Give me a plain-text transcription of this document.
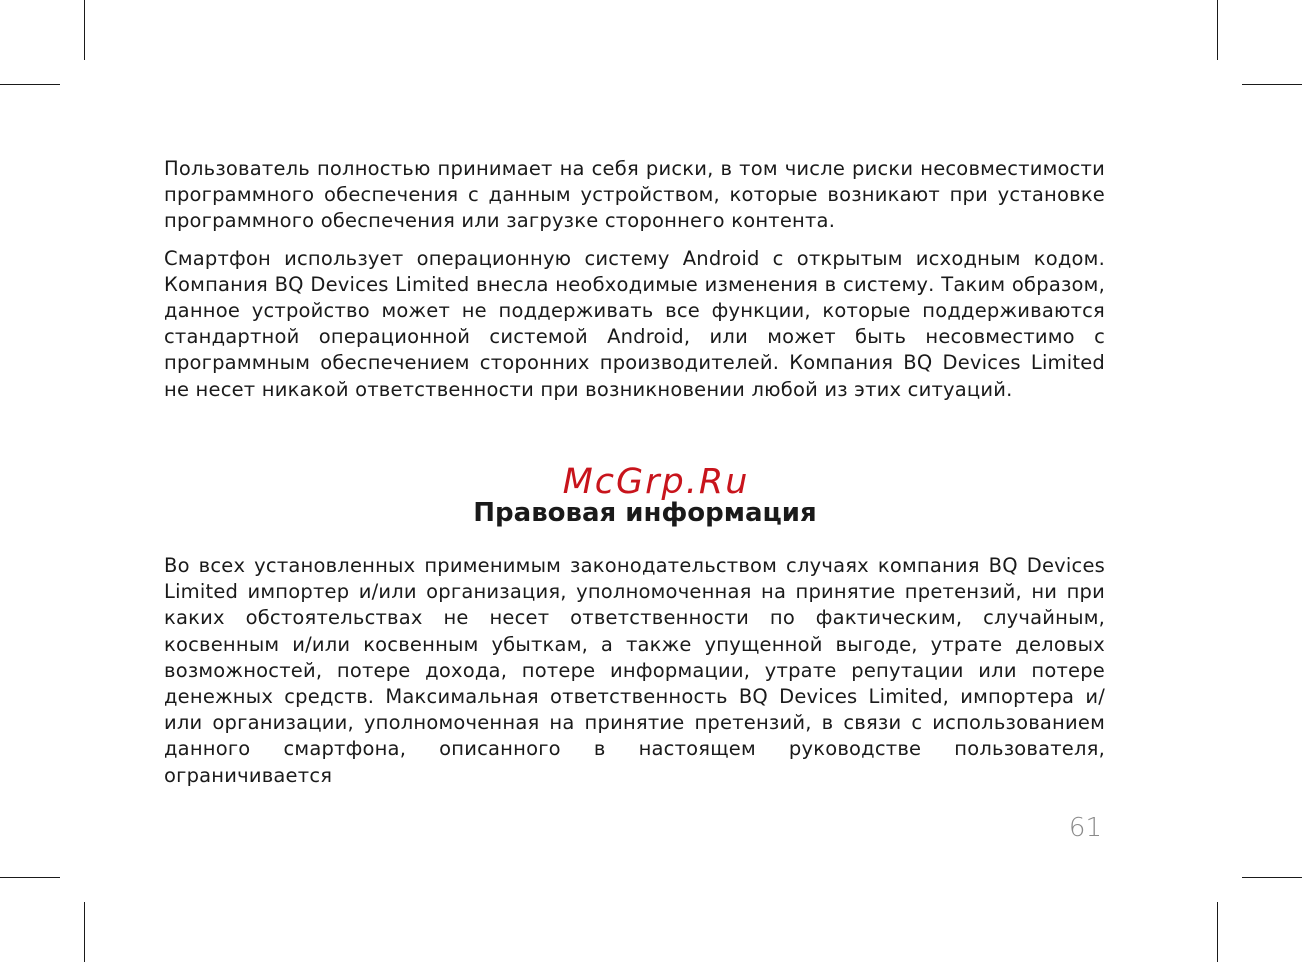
Пользователь полностью принимает на себя риски, в том числе риски несовместимости программного обеспечения с данным устройством, которые возникают при установке программного обеспечения или загрузке стороннего контента.

Смартфон использует операционную систему Android с открытым исходным кодом. Компания BQ Devices Limited внесла необходимые изменения в систему. Таким образом, данное устройство может не поддерживать все функции, которые поддерживаются стандартной операционной системой Android, или может быть несовместимо с программным обеспечением сторонних производителей. Компания BQ Devices Limited не несет никакой ответственности при возникновении любой из этих ситуаций.

McGrp.Ru
Правовая информация

Во всех установленных применимым законодательством случаях компания BQ Devices Limited импортер и/или организация, уполномоченная на принятие претензий, ни при каких обстоятельствах не несет ответственности по фактическим, случайным, косвенным и/или косвенным убыткам, а также упущенной выгоде, утрате деловых возможностей, потере дохода, потере информации, утрате репутации или потере денежных средств. Максимальная ответственность BQ Devices Limited, импортера и/или организации, уполномоченная на принятие претензий, в связи с использованием данного смартфона, описанного в настоящем руководстве пользователя, ограничивается

61
